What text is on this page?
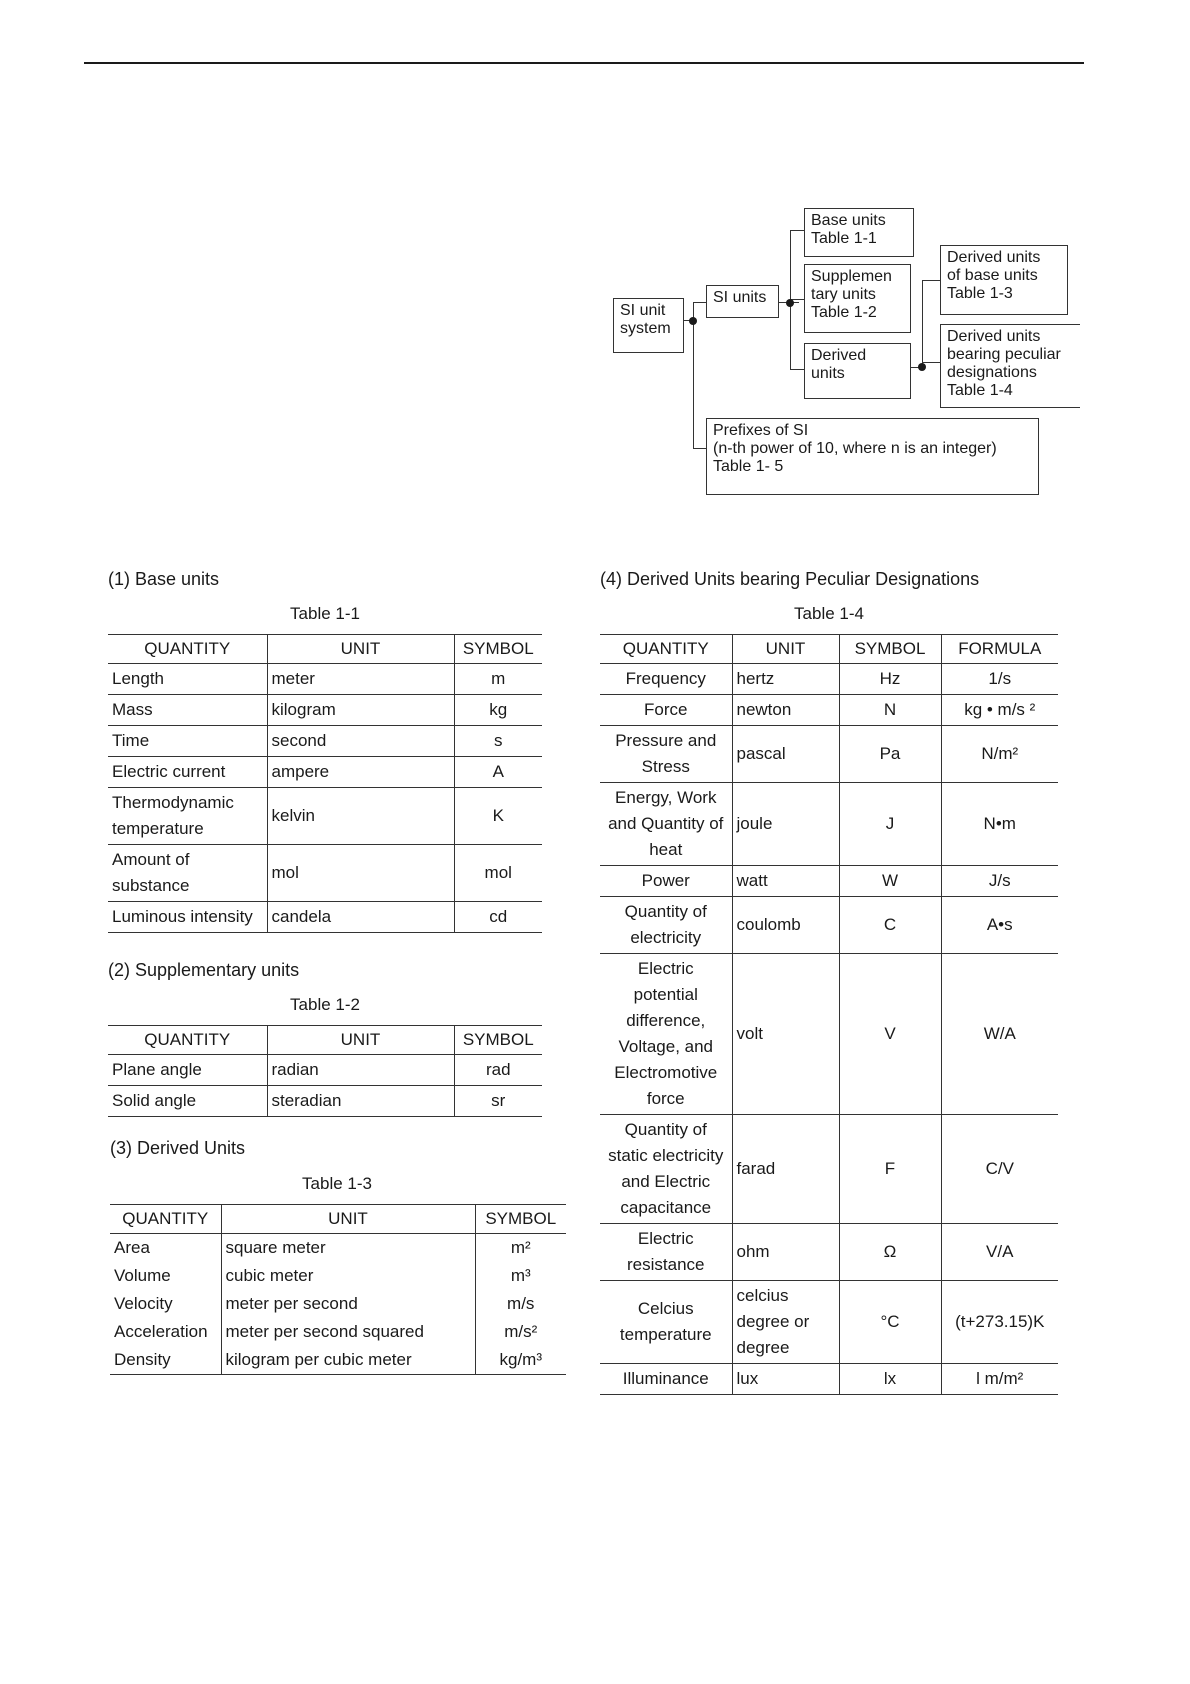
SI unit
system
SI units
Base units
Table 1-1
Supplemen
tary units
Table 1-2
Derived
units
Derived units
of base units
Table 1-3
Derived units
bearing peculiar
designations
Table 1-4
Prefixes of SI
(n-th power of 10, where n is an integer)
Table 1- 5
(1) Base units
Table 1-1
QUANTITY	UNIT	SYMBOL
Length	meter	m
Mass	kilogram	kg
Time	second	s
Electric current	ampere	A
Thermodynamic temperature	kelvin	K
Amount of substance	mol	mol
Luminous intensity	candela	cd
(2) Supplementary units
Table 1-2
QUANTITY	UNIT	SYMBOL
Plane angle	radian	rad
Solid angle	steradian	sr
(3) Derived Units
Table 1-3
QUANTITY	UNIT	SYMBOL
Area	square meter	m²
Volume	cubic meter	m³
Velocity	meter per second	m/s
Acceleration	meter per second squared	m/s²
Density	kilogram per cubic meter	kg/m³
(4) Derived Units bearing Peculiar Designations
Table 1-4
QUANTITY	UNIT	SYMBOL	FORMULA
Frequency	hertz	Hz	1/s
Force	newton	N	kg • m/s ²
Pressure and Stress	pascal	Pa	N/m²
Energy, Work and Quantity of heat	joule	J	N•m
Power	watt	W	J/s
Quantity of electricity	coulomb	C	A•s
Electric potential difference, Voltage, and Electromotive force	volt	V	W/A
Quantity of static electricity and Electric capacitance	farad	F	C/V
Electric resistance	ohm	Ω	V/A
Celcius temperature	celcius degree or degree	°C	(t+273.15)K
Illuminance	lux	lx	l m/m²
